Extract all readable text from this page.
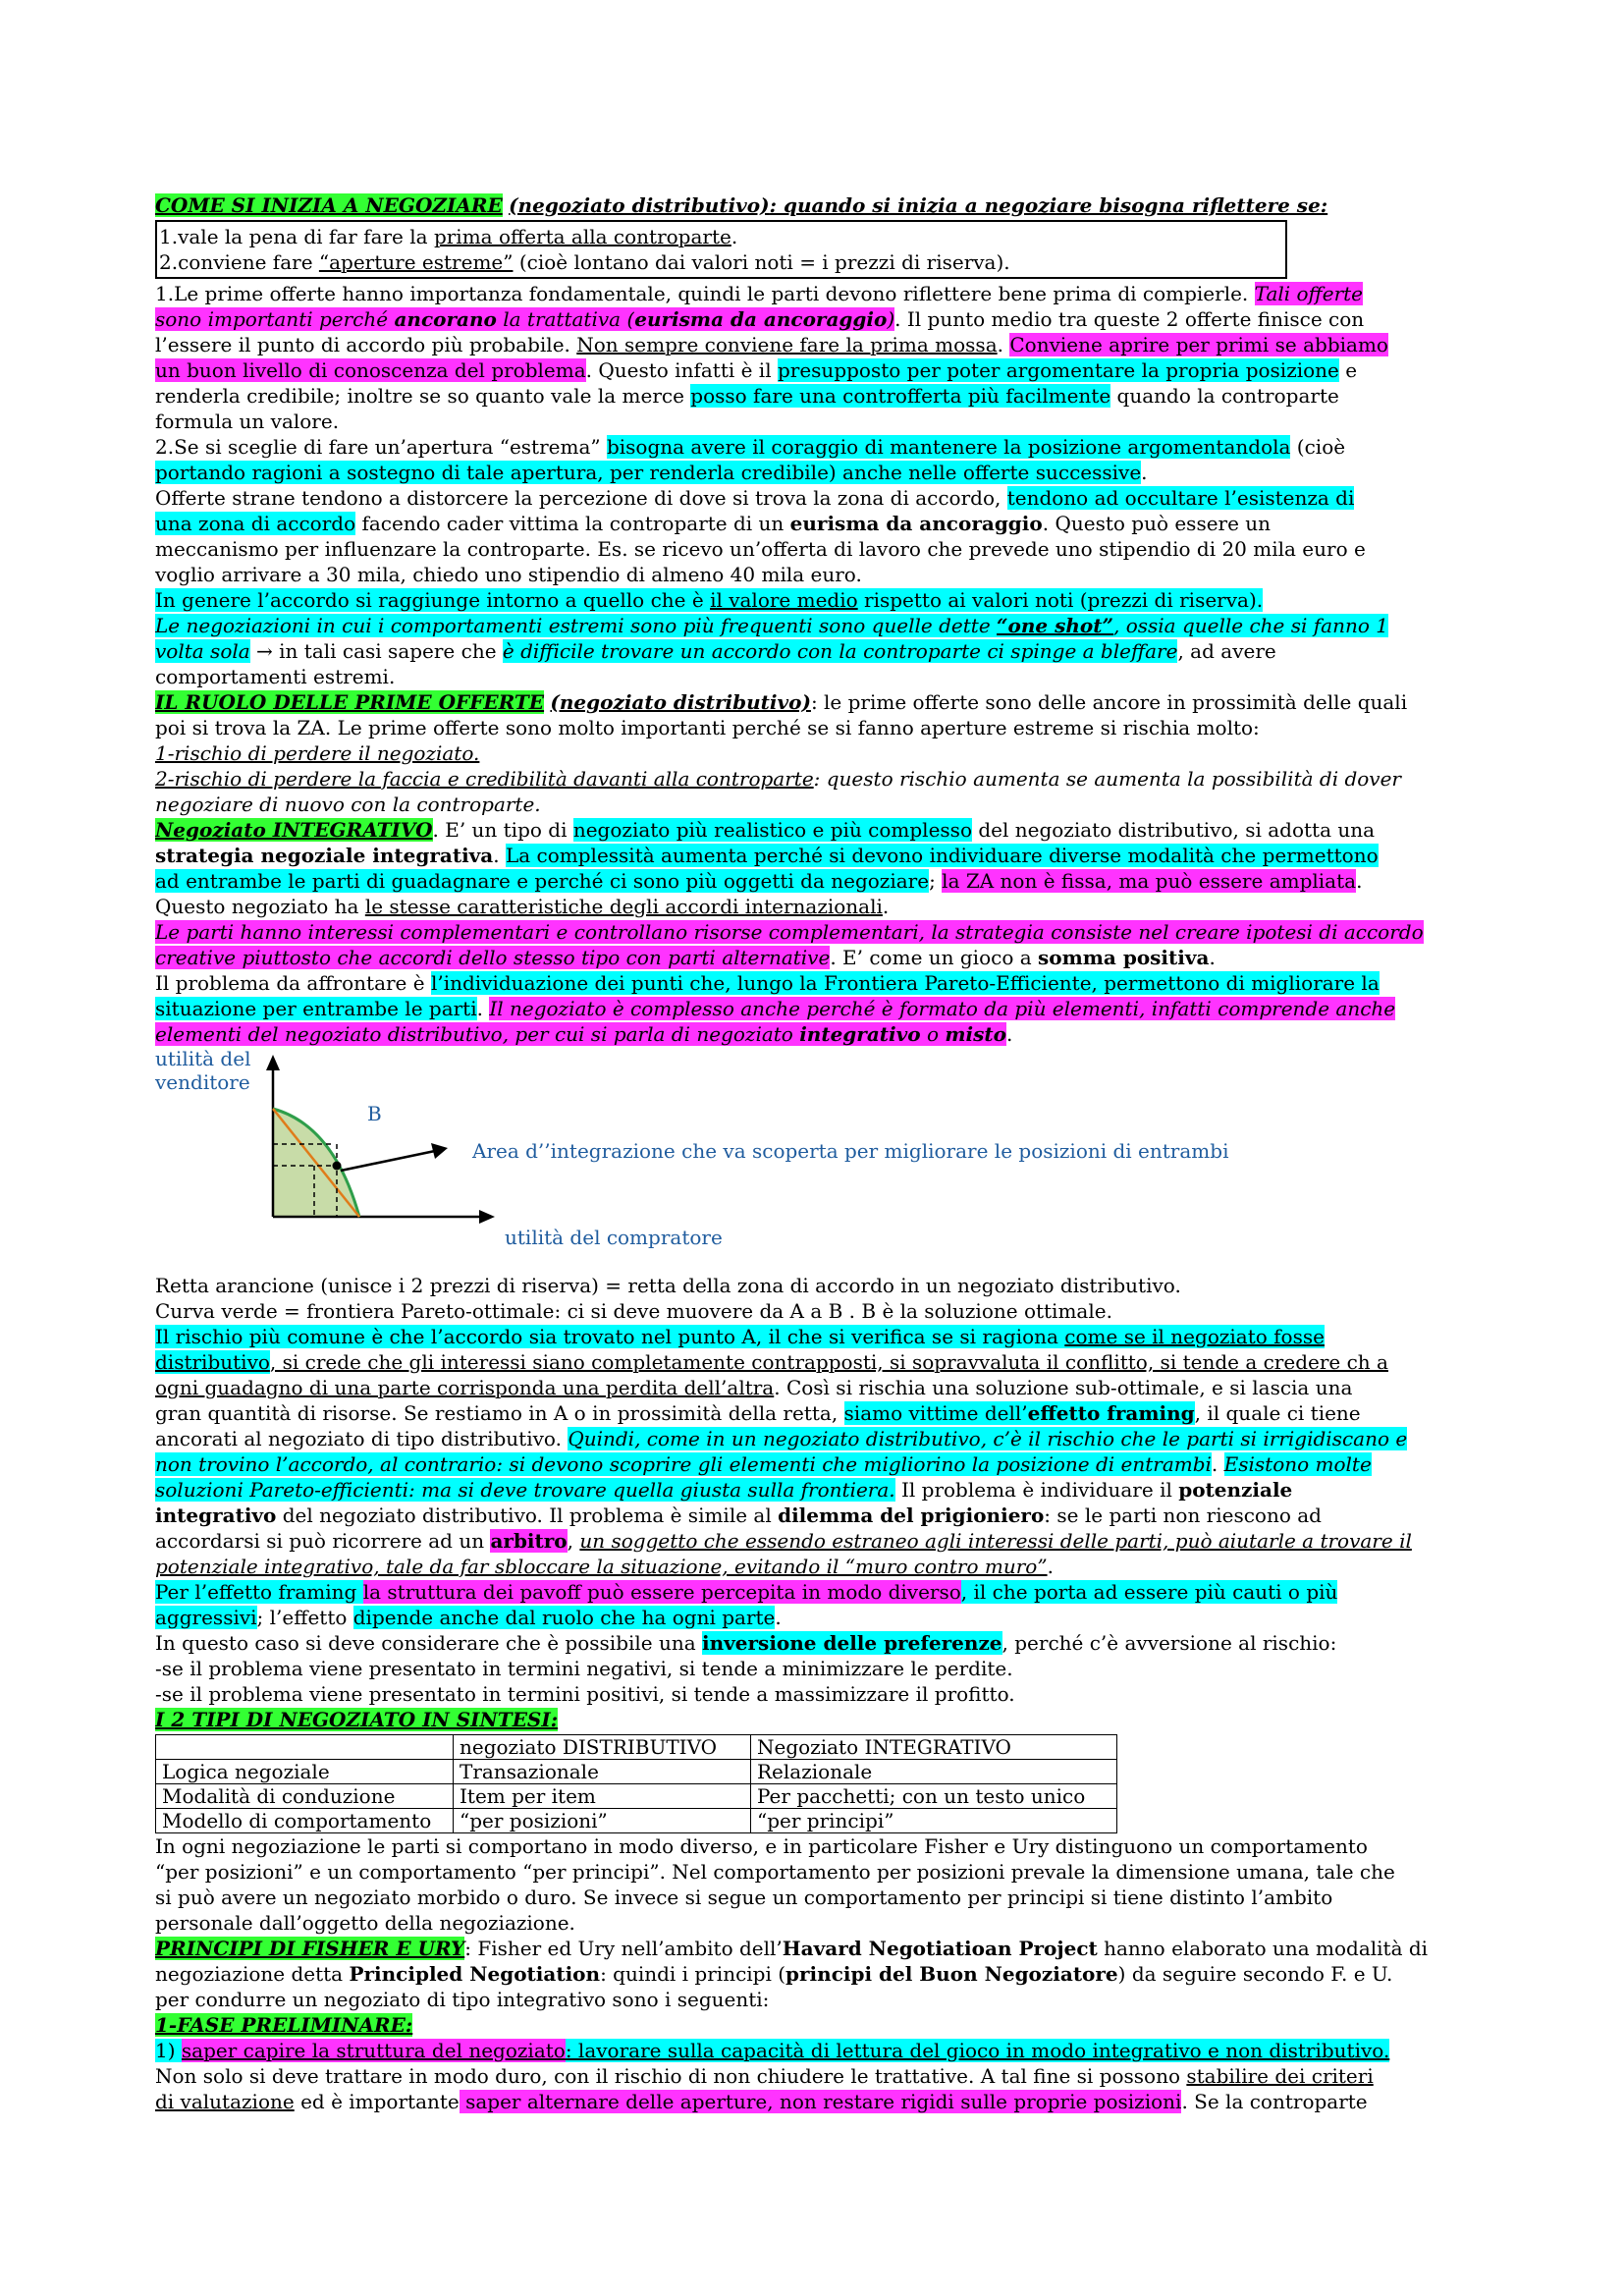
COME SI INIZIA A NEGOZIARE (negoziato distributivo): quando si inizia a negoziare bisogna riflettere se:

1.vale la pena di far fare la prima offerta alla controparte.

2.conviene fare “aperture estreme” (cioè lontano dai valori noti = i prezzi di riserva).

1.Le prime offerte hanno importanza fondamentale, quindi le parti devono riflettere bene prima di compierle. Tali offerte

sono importanti perché ancorano la trattativa (eurisma da ancoraggio). Il punto medio tra queste 2 offerte finisce con

l’essere il punto di accordo più probabile. Non sempre conviene fare la prima mossa. Conviene aprire per primi se abbiamo

un buon livello di conoscenza del problema. Questo infatti è il presupposto per poter argomentare la propria posizione e

renderla credibile; inoltre se so quanto vale la merce posso fare una controfferta più facilmente quando la controparte

formula un valore.

2.Se si sceglie di fare un’apertura “estrema” bisogna avere il coraggio di mantenere la posizione argomentandola (cioè

portando ragioni a sostegno di tale apertura, per renderla credibile) anche nelle offerte successive.

Offerte strane tendono a distorcere la percezione di dove si trova la zona di accordo, tendono ad occultare l’esistenza di

una zona di accordo facendo cader vittima la controparte di un eurisma da ancoraggio. Questo può essere un

meccanismo per influenzare la controparte. Es. se ricevo un’offerta di lavoro che prevede uno stipendio di 20 mila euro e

voglio arrivare a 30 mila, chiedo uno stipendio di almeno 40 mila euro.

In genere l’accordo si raggiunge intorno a quello che è il valore medio rispetto ai valori noti (prezzi di riserva).

Le negoziazioni in cui i comportamenti estremi sono più frequenti sono quelle dette “one shot”, ossia quelle che si fanno 1

volta sola → in tali casi sapere che è difficile trovare un accordo con la controparte ci spinge a bleffare, ad avere

comportamenti estremi.

IL RUOLO DELLE PRIME OFFERTE (negoziato distributivo): le prime offerte sono delle ancore in prossimità delle quali

poi si trova la ZA. Le prime offerte sono molto importanti perché se si fanno aperture estreme si rischia molto:

1-rischio di perdere il negoziato.

2-rischio di perdere la faccia e credibilità davanti alla controparte: questo rischio aumenta se aumenta la possibilità di dover

negoziare di nuovo con la controparte.

Negoziato INTEGRATIVO. E’ un tipo di negoziato più realistico e più complesso del negoziato distributivo, si adotta una

strategia negoziale integrativa. La complessità aumenta perché si devono individuare diverse modalità che permettono

ad entrambe le parti di guadagnare e perché ci sono più oggetti da negoziare; la ZA non è fissa, ma può essere ampliata.

Questo negoziato ha le stesse caratteristiche degli accordi internazionali.

Le parti hanno interessi complementari e controllano risorse complementari, la strategia consiste nel creare ipotesi di accordo

creative piuttosto che accordi dello stesso tipo con parti alternative. E’ come un gioco a somma positiva.

Il problema da affrontare è l’individuazione dei punti che, lungo la Frontiera Pareto-Efficiente, permettono di migliorare la

situazione per entrambe le parti. Il negoziato è complesso anche perché è formato da più elementi, infatti comprende anche

elementi del negoziato distributivo, per cui si parla di negoziato integrativo o misto.

utilità del
venditore
B
Area d’’integrazione che va scoperta per migliorare le posizioni di entrambi
utilità del compratore

Retta arancione (unisce i 2 prezzi di riserva) = retta della zona di accordo in un negoziato distributivo.

Curva verde = frontiera Pareto-ottimale: ci si deve muovere da A a B . B è la soluzione ottimale.

Il rischio più comune è che l’accordo sia trovato nel punto A, il che si verifica se si ragiona come se il negoziato fosse

distributivo, si crede che gli interessi siano completamente contrapposti, si sopravvaluta il conflitto, si tende a credere ch a

ogni guadagno di una parte corrisponda una perdita dell’altra. Così si rischia una soluzione sub-ottimale, e si lascia una

gran quantità di risorse. Se restiamo in A o in prossimità della retta, siamo vittime dell’effetto framing, il quale ci tiene

ancorati al negoziato di tipo distributivo. Quindi, come in un negoziato distributivo, c’è il rischio che le parti si irrigidiscano e

non trovino l’accordo, al contrario: si devono scoprire gli elementi che migliorino la posizione di entrambi. Esistono molte

soluzioni Pareto-efficienti: ma si deve trovare quella giusta sulla frontiera. Il problema è individuare il potenziale

integrativo del negoziato distributivo. Il problema è simile al dilemma del prigioniero: se le parti non riescono ad

accordarsi si può ricorrere ad un arbitro, un soggetto che essendo estraneo agli interessi delle parti, può aiutarle a trovare il

potenziale integrativo, tale da far sbloccare la situazione, evitando il “muro contro muro”.

Per l’effetto framing la struttura dei pavoff può essere percepita in modo diverso, il che porta ad essere più cauti o più

aggressivi; l’effetto dipende anche dal ruolo che ha ogni parte.

In questo caso si deve considerare che è possibile una inversione delle preferenze, perché c’è avversione al rischio:

-se il problema viene presentato in termini negativi, si tende a minimizzare le perdite.

-se il problema viene presentato in termini positivi, si tende a massimizzare il profitto.

I 2 TIPI DI NEGOZIATO IN SINTESI:

	negoziato DISTRIBUTIVO	Negoziato INTEGRATIVO
Logica negoziale	Transazionale	Relazionale
Modalità di conduzione	Item per item	Per pacchetti; con un testo unico
Modello di comportamento	“per posizioni”	“per principi”

In ogni negoziazione le parti si comportano in modo diverso, e in particolare Fisher e Ury distinguono un comportamento

“per posizioni” e un comportamento “per principi”. Nel comportamento per posizioni prevale la dimensione umana, tale che

si può avere un negoziato morbido o duro. Se invece si segue un comportamento per principi si tiene distinto l’ambito

personale dall’oggetto della negoziazione.

PRINCIPI DI FISHER E URY: Fisher ed Ury nell’ambito dell’Havard Negotiatioan Project hanno elaborato una modalità di

negoziazione detta Principled Negotiation: quindi i principi (principi del Buon Negoziatore) da seguire secondo F. e U.

per condurre un negoziato di tipo integrativo sono i seguenti:

1-FASE PRELIMINARE:

1) saper capire la struttura del negoziato: lavorare sulla capacità di lettura del gioco in modo integrativo e non distributivo.

Non solo si deve trattare in modo duro, con il rischio di non chiudere le trattative. A tal fine si possono stabilire dei criteri

di valutazione ed è importante saper alternare delle aperture, non restare rigidi sulle proprie posizioni. Se la controparte
